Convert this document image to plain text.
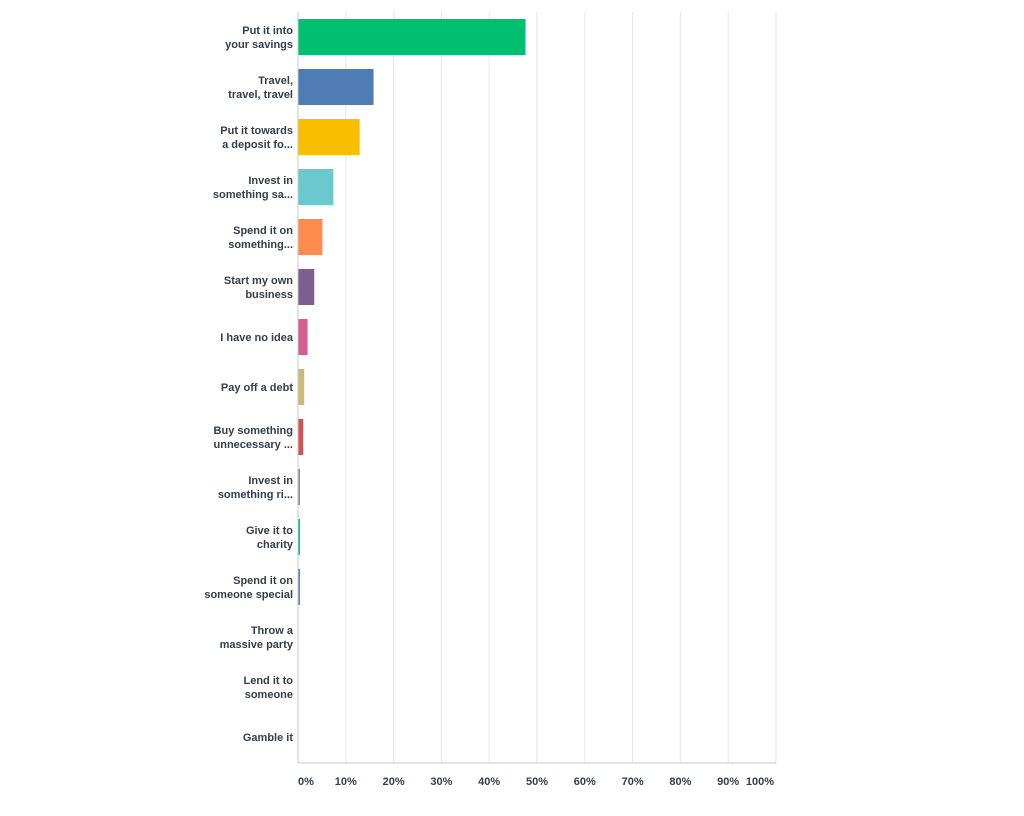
Put it into your savings
Travel, travel, travel
Put it towards a deposit fo...
Invest in something sa...
Spend it on something...
Start my own business
I have no idea
Pay off a debt
Buy something unnecessary ...
Invest in something ri...
Give it to charity
Spend it on someone special
Throw a massive party
Lend it to someone
Gamble it
0% 10% 20% 30% 40% 50% 60% 70% 80% 90% 100%
